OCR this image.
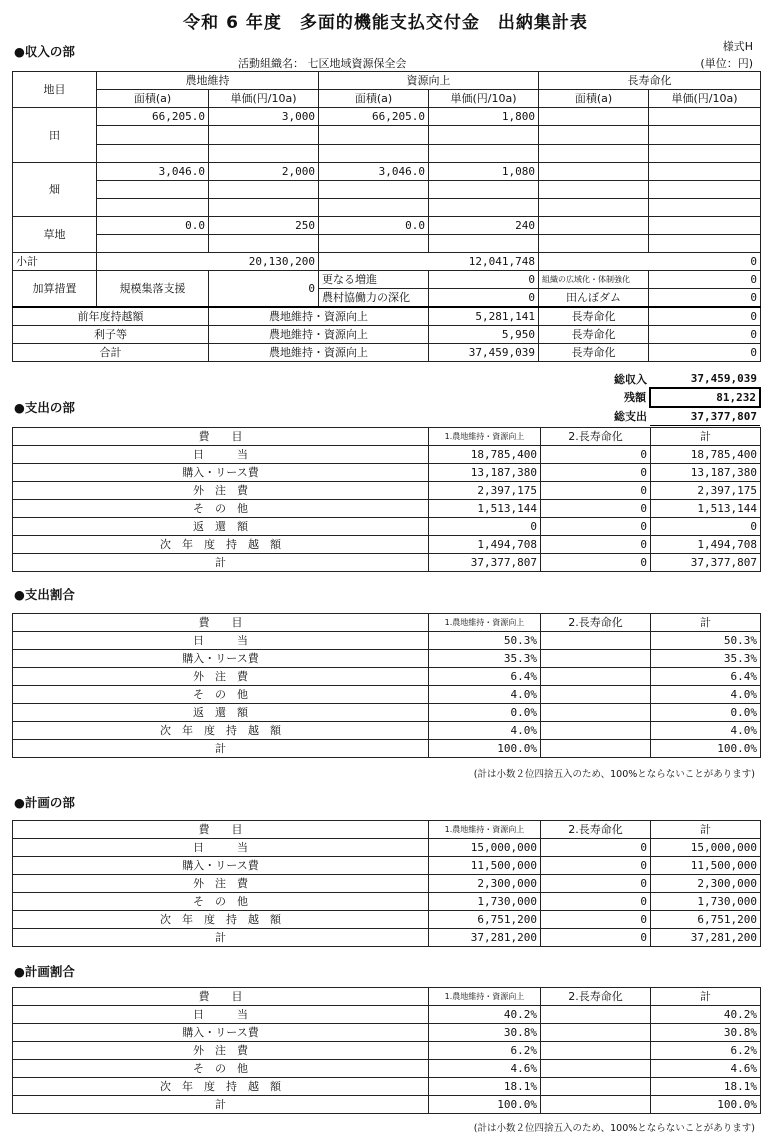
令和 6 年度　多面的機能支払交付金　出納集計表
様式H
(単位：円)
●収入の部
活動組織名： 七区地域資源保全会
地目	農地維持		資源向上		長寿命化	
	面積(a)	単価(円/10a)	面積(a)	単価(円/10a)	面積(a)	単価(円/10a)
田	66,205.0	3,000	66,205.0	1,800		

畑	3,046.0	2,000	3,046.0	1,080		

草地	0.0	250	0.0	240		

小計	20,130,200		12,041,748		0	
加算措置	規模集落支援	0	更なる増進	0	組織の広域化・体制強化	0
			農村協働力の深化	0	田んぼダム	0
前年度持越額		農地維持・資源向上		5,281,141	長寿命化	0
利子等		農地維持・資源向上		5,950	長寿命化	0
合計		農地維持・資源向上		37,459,039	長寿命化	0
総収入	37,459,039
残額	81,232
総支出	37,377,807
●支出の部
費　　目	1.農地維持・資源向上	2.長寿命化	計
日　　　当	18,785,400	0	18,785,400
購入・リース費	13,187,380	0	13,187,380
外　注　費	2,397,175	0	2,397,175
そ　の　他	1,513,144	0	1,513,144
返　還　額	0	0	0
次　年　度　持　越　額	1,494,708	0	1,494,708
計	37,377,807	0	37,377,807
●支出割合
費　　目	1.農地維持・資源向上	2.長寿命化	計
日　　　当	50.3%		50.3%
購入・リース費	35.3%		35.3%
外　注　費	6.4%		6.4%
そ　の　他	4.0%		4.0%
返　還　額	0.0%		0.0%
次　年　度　持　越　額	4.0%		4.0%
計	100.0%		100.0%
(計は小数２位四捨五入のため、100%とならないことがあります)
●計画の部
費　　目	1.農地維持・資源向上	2.長寿命化	計
日　　　当	15,000,000	0	15,000,000
購入・リース費	11,500,000	0	11,500,000
外　注　費	2,300,000	0	2,300,000
そ　の　他	1,730,000	0	1,730,000
次　年　度　持　越　額	6,751,200	0	6,751,200
計	37,281,200	0	37,281,200
●計画割合
費　　目	1.農地維持・資源向上	2.長寿命化	計
日　　　当	40.2%		40.2%
購入・リース費	30.8%		30.8%
外　注　費	6.2%		6.2%
そ　の　他	4.6%		4.6%
次　年　度　持　越　額	18.1%		18.1%
計	100.0%		100.0%
(計は小数２位四捨五入のため、100%とならないことがあります)
